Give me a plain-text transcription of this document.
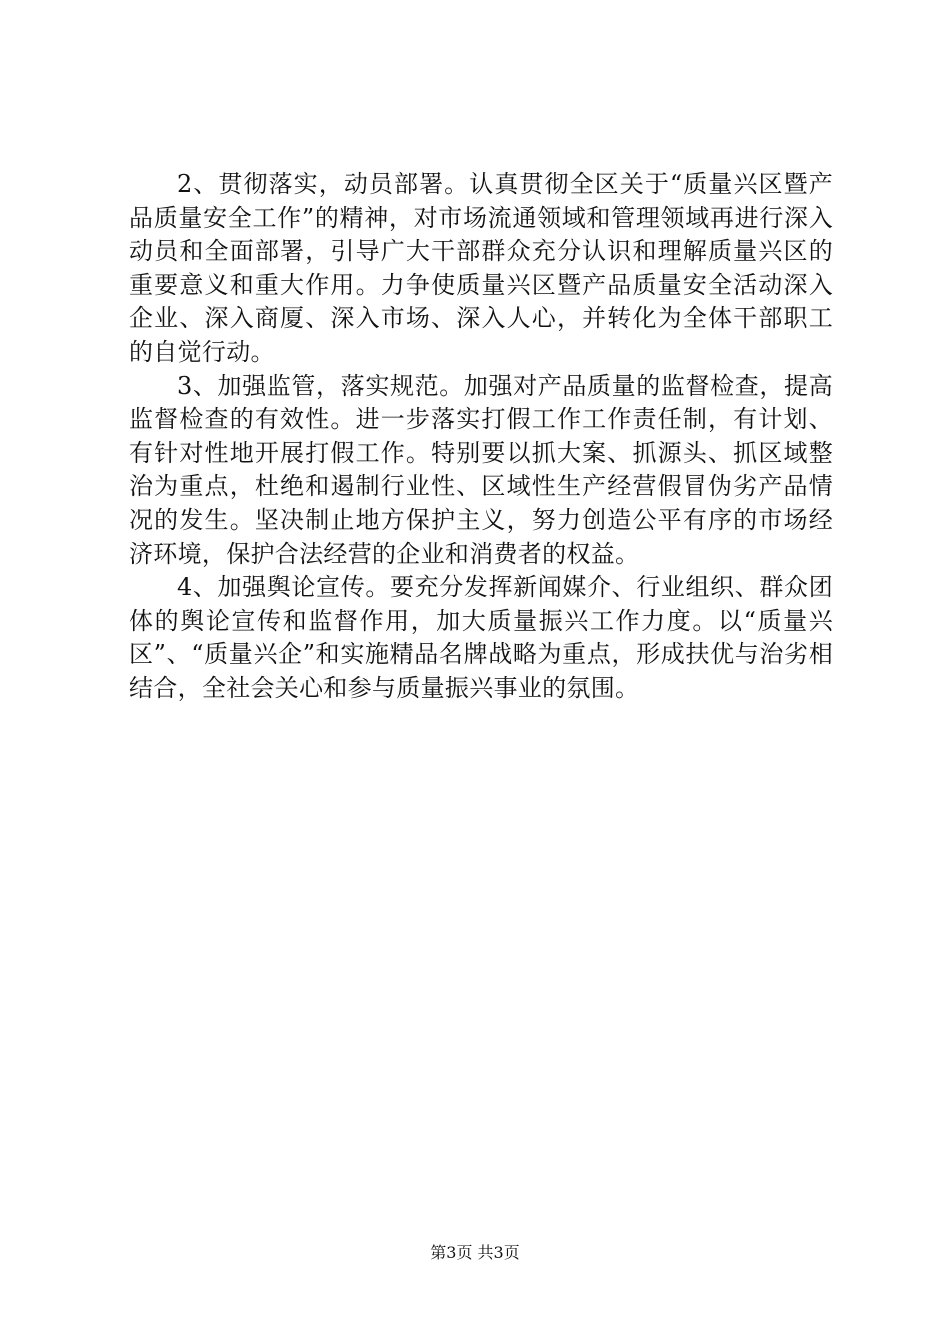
2、贯彻落实，动员部署。认真贯彻全区关于“质量兴区暨产品质量安全工作”的精神，对市场流通领域和管理领域再进行深入动员和全面部署，引导广大干部群众充分认识和理解质量兴区的重要意义和重大作用。力争使质量兴区暨产品质量安全活动深入企业、深入商厦、深入市场、深入人心，并转化为全体干部职工的自觉行动。

3、加强监管，落实规范。加强对产品质量的监督检查，提高监督检查的有效性。进一步落实打假工作工作责任制，有计划、有针对性地开展打假工作。特别要以抓大案、抓源头、抓区域整治为重点，杜绝和遏制行业性、区域性生产经营假冒伪劣产品情况的发生。坚决制止地方保护主义，努力创造公平有序的市场经济环境，保护合法经营的企业和消费者的权益。

4、加强舆论宣传。要充分发挥新闻媒介、行业组织、群众团体的舆论宣传和监督作用，加大质量振兴工作力度。以“质量兴区”、“质量兴企”和实施精品名牌战略为重点，形成扶优与治劣相结合，全社会关心和参与质量振兴事业的氛围。

第3页 共3页
